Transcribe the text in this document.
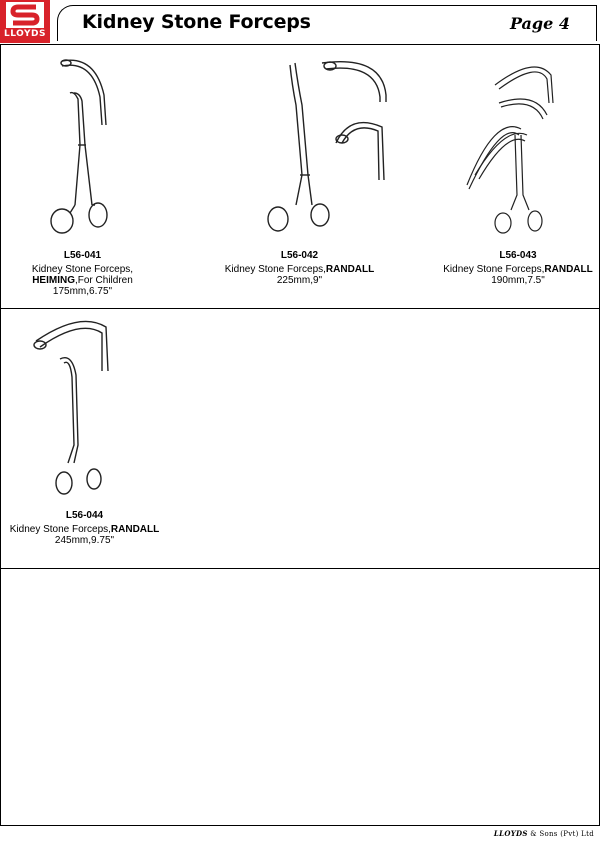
LLOYDS
Kidney Stone Forceps	Page 4
L56-041
Kidney Stone Forceps,
HEIMING,For Children
175mm,6.75"
L56-042
Kidney Stone Forceps,RANDALL
225mm,9"
L56-043
Kidney Stone Forceps,RANDALL
190mm,7.5"
L56-044
Kidney Stone Forceps,RANDALL
245mm,9.75"
LLOYDS & Sons (Pvt) Ltd
